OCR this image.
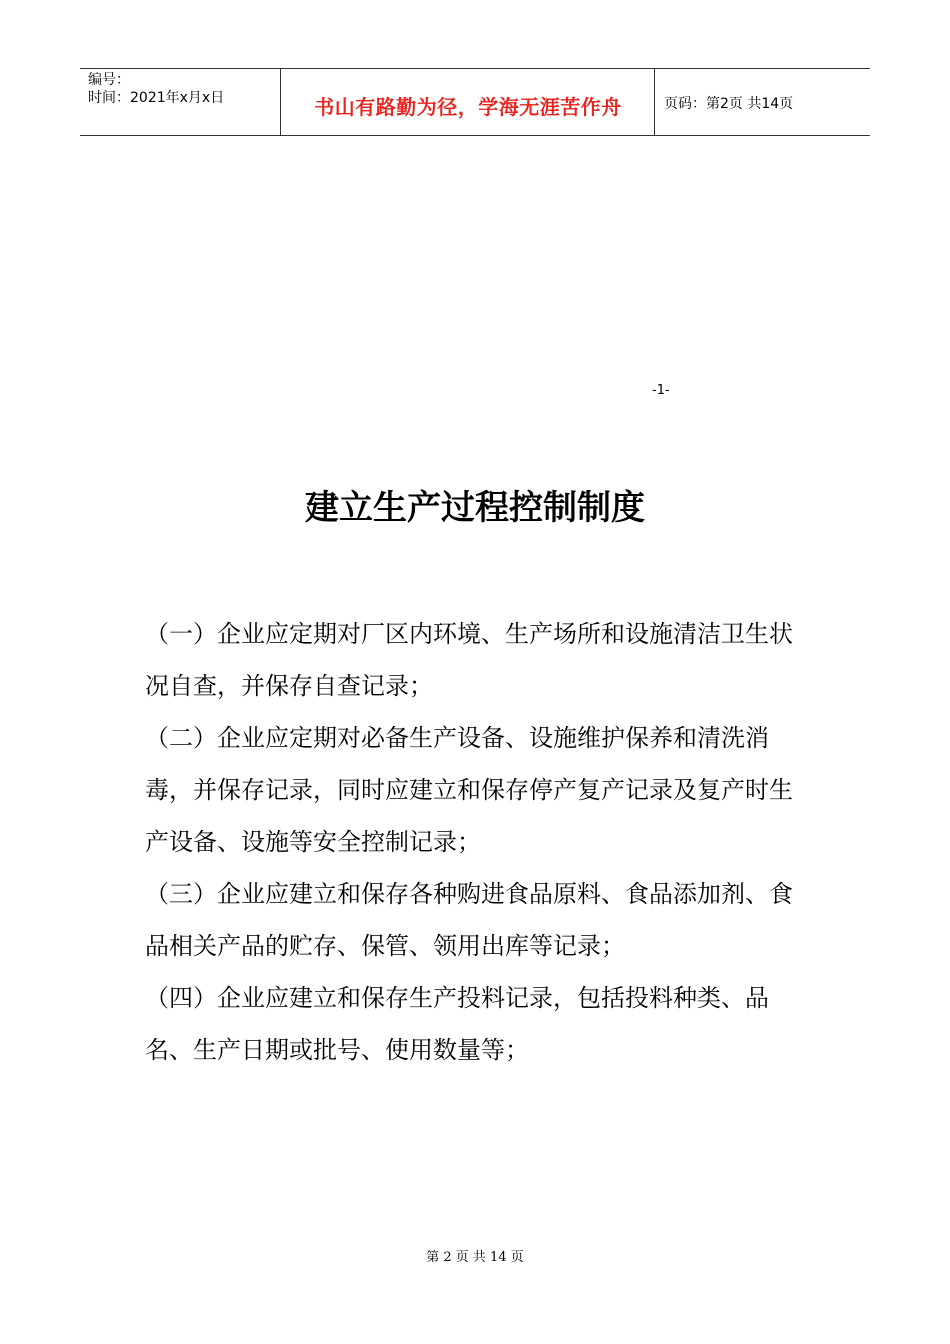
编号：
时间：2021年x月x日	书山有路勤为径，学海无涯苦作舟	页码：第2页 共14页
-1-
建立生产过程控制制度

（一）企业应定期对厂区内环境、生产场所和设施清洁卫生状况自查，并保存自查记录；

（二）企业应定期对必备生产设备、设施维护保养和清洗消毒，并保存记录，同时应建立和保存停产复产记录及复产时生产设备、设施等安全控制记录；

（三）企业应建立和保存各种购进食品原料、食品添加剂、食品相关产品的贮存、保管、领用出库等记录；

（四）企业应建立和保存生产投料记录，包括投料种类、品名、生产日期或批号、使用数量等；

第 2 页 共 14 页
